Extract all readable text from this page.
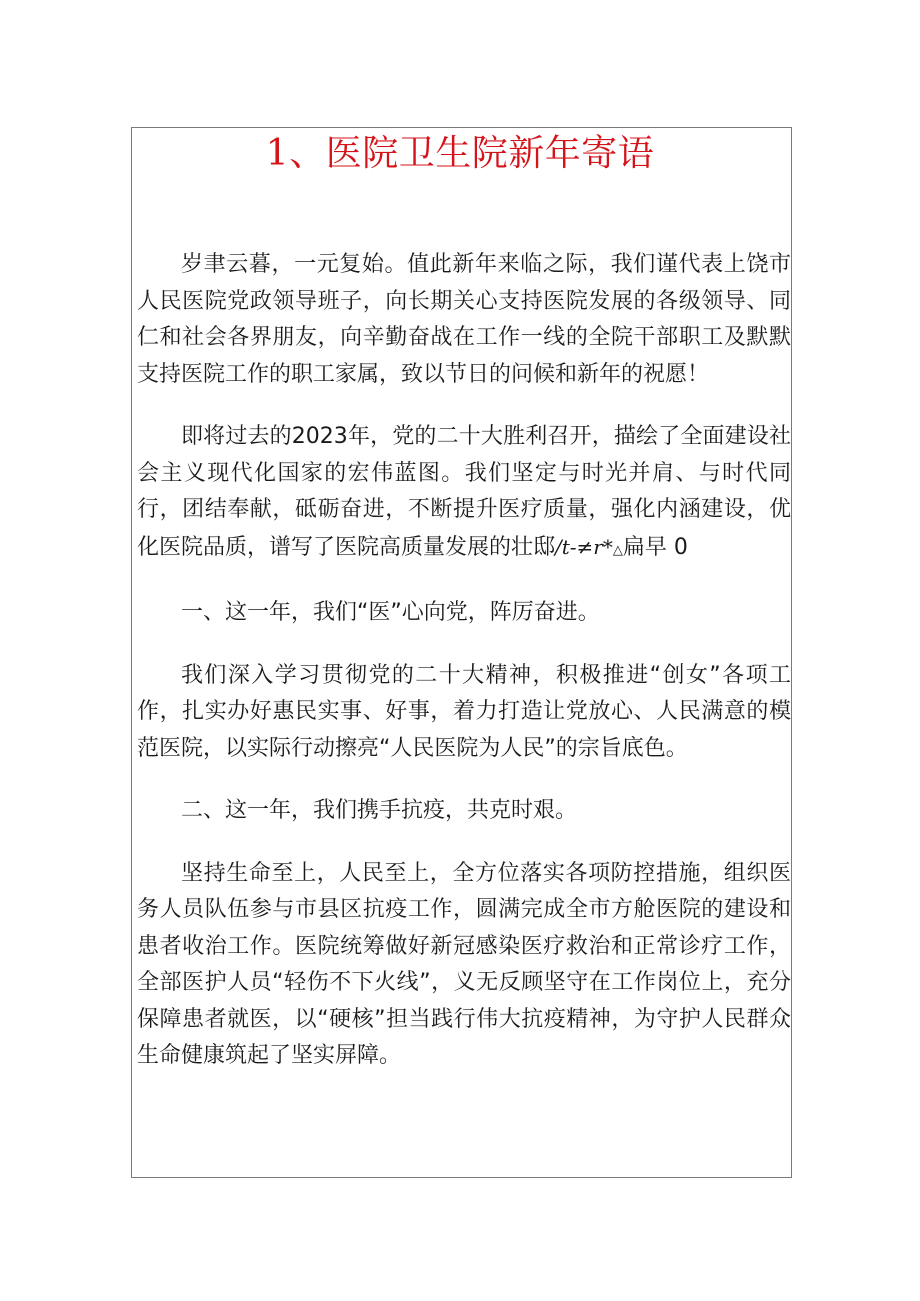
1、医院卫生院新年寄语

岁聿云暮，一元复始。值此新年来临之际，我们谨代表上饶市人民医院党政领导班子，向长期关心支持医院发展的各级领导、同仁和社会各界朋友，向辛勤奋战在工作一线的全院干部职工及默默支持医院工作的职工家属，致以节日的问候和新年的祝愿！

即将过去的2023年，党的二十大胜利召开，描绘了全面建设社会主义现代化国家的宏伟蓝图。我们坚定与时光并肩、与时代同行，团结奉献，砥砺奋进，不断提升医疗质量，强化内涵建设，优化医院品质，谱写了医院高质量发展的壮邸/t-≠r*△扁早 0

一、这一年，我们“医”心向党，阵厉奋进。

我们深入学习贯彻党的二十大精神，积极推进“创女”各项工作，扎实办好惠民实事、好事，着力打造让党放心、人民满意的模范医院，以实际行动擦亮“人民医院为人民”的宗旨底色。

二、这一年，我们携手抗疫，共克时艰。

坚持生命至上，人民至上，全方位落实各项防控措施，组织医务人员队伍参与市县区抗疫工作，圆满完成全市方舱医院的建设和患者收治工作。医院统筹做好新冠感染医疗救治和正常诊疗工作，全部医护人员“轻伤不下火线”，义无反顾坚守在工作岗位上，充分保障患者就医，以“硬核”担当践行伟大抗疫精神，为守护人民群众生命健康筑起了坚实屏障。
